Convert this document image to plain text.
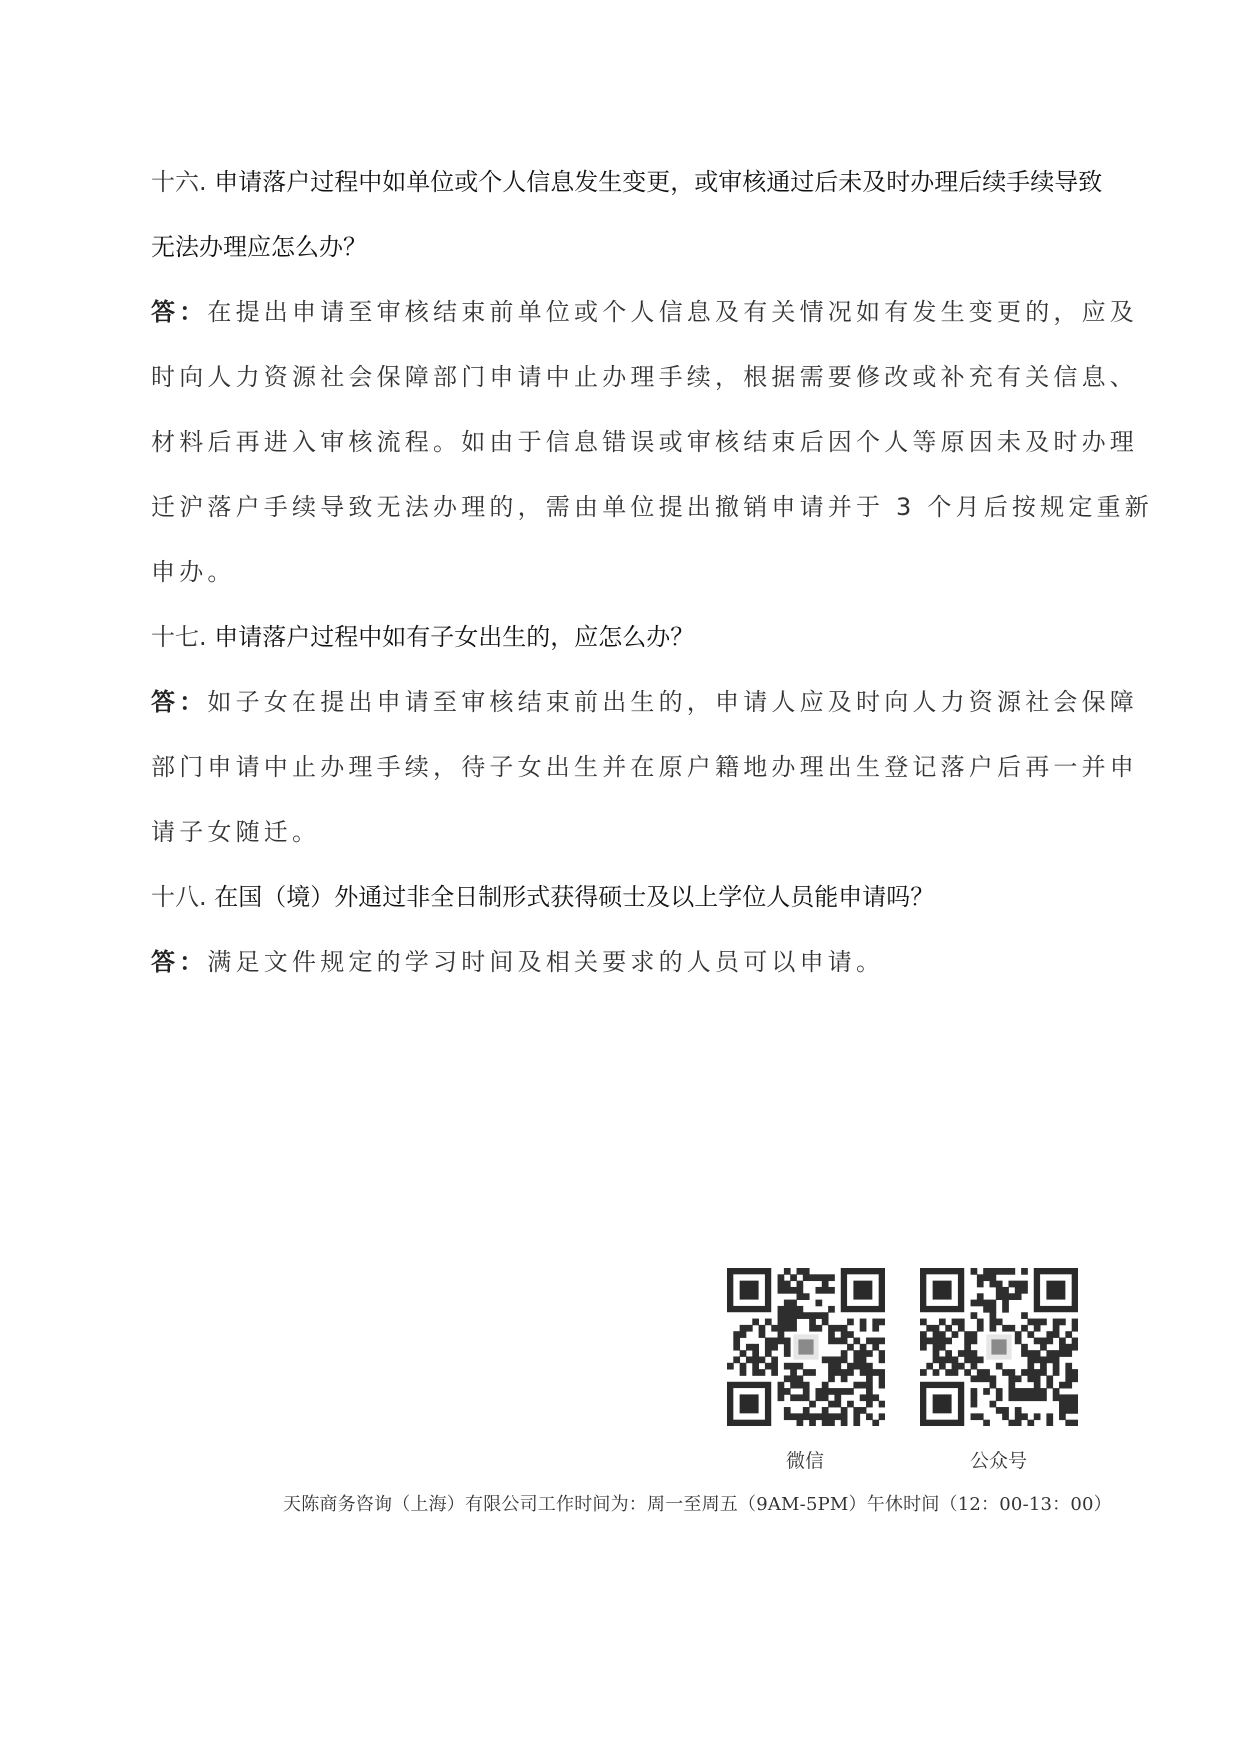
十六. 申请落户过程中如单位或个人信息发生变更，或审核通过后未及时办理后续手续导致
无法办理应怎么办？
答：在提出申请至审核结束前单位或个人信息及有关情况如有发生变更的，应及
时向人力资源社会保障部门申请中止办理手续，根据需要修改或补充有关信息、
材料后再进入审核流程。如由于信息错误或审核结束后因个人等原因未及时办理
迁沪落户手续导致无法办理的，需由单位提出撤销申请并于 3 个月后按规定重新
申办。
十七. 申请落户过程中如有子女出生的，应怎么办？
答：如子女在提出申请至审核结束前出生的，申请人应及时向人力资源社会保障
部门申请中止办理手续，待子女出生并在原户籍地办理出生登记落户后再一并申
请子女随迁。
十八. 在国（境）外通过非全日制形式获得硕士及以上学位人员能申请吗？
答：满足文件规定的学习时间及相关要求的人员可以申请。
微信	公众号
天陈商务咨询（上海）有限公司工作时间为：周一至周五（9AM-5PM）午休时间（12：00-13：00）
